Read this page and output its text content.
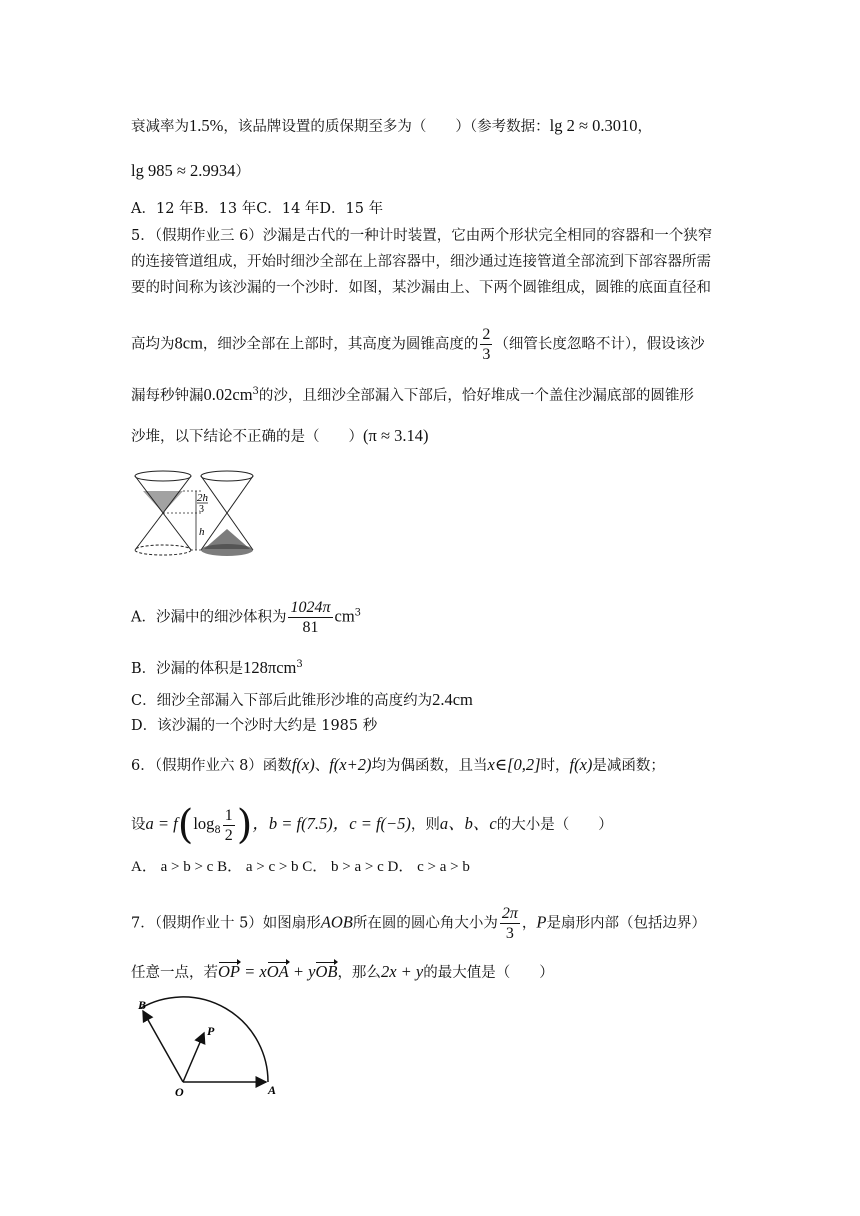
衰减率为1.5%，该品牌设置的质保期至多为（　　）（参考数据：lg 2 ≈ 0.3010，
lg 985 ≈ 2.9934）
A．12 年B．13 年C．14 年D．15 年
5．（假期作业三 6）沙漏是古代的一种计时装置，它由两个形状完全相同的容器和一个狭窄
的连接管道组成，开始时细沙全部在上部容器中，细沙通过连接管道全部流到下部容器所需
要的时间称为该沙漏的一个沙时．如图，某沙漏由上、下两个圆锥组成，圆锥的底面直径和
高均为8cm，细沙全部在上部时，其高度为圆锥高度的 $\frac{2}{3}$ （细管长度忽略不计），假设该沙
漏每秒钟漏$0.02cm^3$的沙，且细沙全部漏入下部后，恰好堆成一个盖住沙漏底部的圆锥形
沙堆，以下结论不正确的是（　　）(π ≈ 3.14)
2h
3
h
A．沙漏中的细沙体积为 $\frac{1024\pi}{81} cm^3$
B．沙漏的体积是128πcm$^3$
C．细沙全部漏入下部后此锥形沙堆的高度约为2.4cm
D．该沙漏的一个沙时大约是 1985 秒
6．（假期作业六 8）函数f(x)、f(x+2)均为偶函数，且当x∈[0,2]时，f(x)是减函数；
设$a = f(\log_8 \frac{1}{2}$ )，b = f(7.5)，c = f(−5)，则a、b、c的大小是（　　）
A． a > b > c B． a > c > b C． b > a > c D． c > a > b
7．（假期作业十 5）如图扇形AOB所在圆的圆心角大小为 $\frac{2\pi}{3}$ ，P是扇形内部（包括边界）
任意一点，若OP = xOA + yOB，那么2x + y的最大值是（　　）
B
P
O	A
